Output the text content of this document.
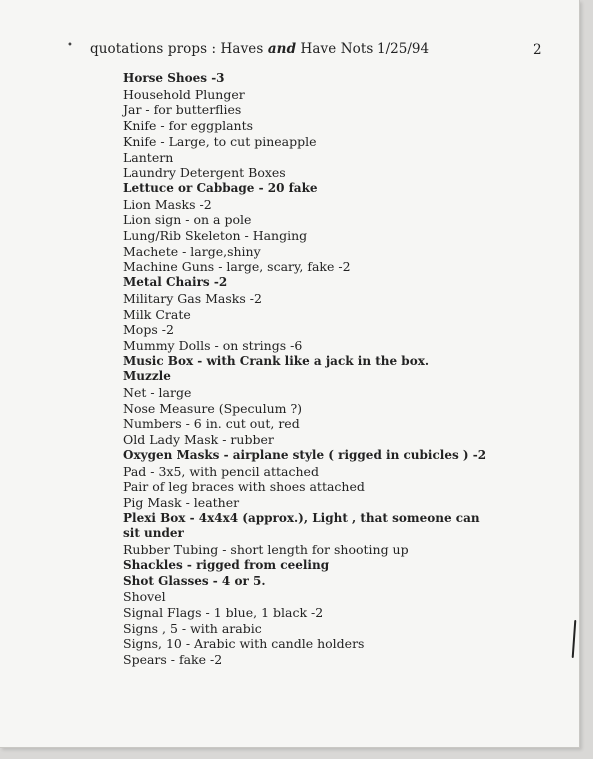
• quotations props : Haves and Have Nots 1/25/94	2
Horse Shoes -3
Household Plunger
Jar - for butterflies
Knife - for eggplants
Knife - Large, to cut pineapple
Lantern
Laundry Detergent Boxes
Lettuce or Cabbage - 20 fake
Lion Masks -2
Lion sign - on a pole
Lung/Rib Skeleton - Hanging
Machete - large,shiny
Machine Guns - large, scary, fake -2
Metal Chairs -2
Military Gas Masks -2
Milk Crate
Mops -2
Mummy Dolls - on strings -6
Music Box - with Crank like a jack in the box.
Muzzle
Net - large
Nose Measure (Speculum ?)
Numbers - 6 in. cut out, red
Old Lady Mask - rubber
Oxygen Masks - airplane style ( rigged in cubicles ) -2
Pad - 3x5, with pencil attached
Pair of leg braces with shoes attached
Pig Mask - leather
Plexi Box - 4x4x4 (approx.), Light , that someone can sit under
Rubber Tubing - short length for shooting up
Shackles - rigged from ceeling
Shot Glasses - 4 or 5.
Shovel
Signal Flags - 1 blue, 1 black -2
Signs , 5 - with arabic
Signs, 10 - Arabic with candle holders
Spears - fake -2
